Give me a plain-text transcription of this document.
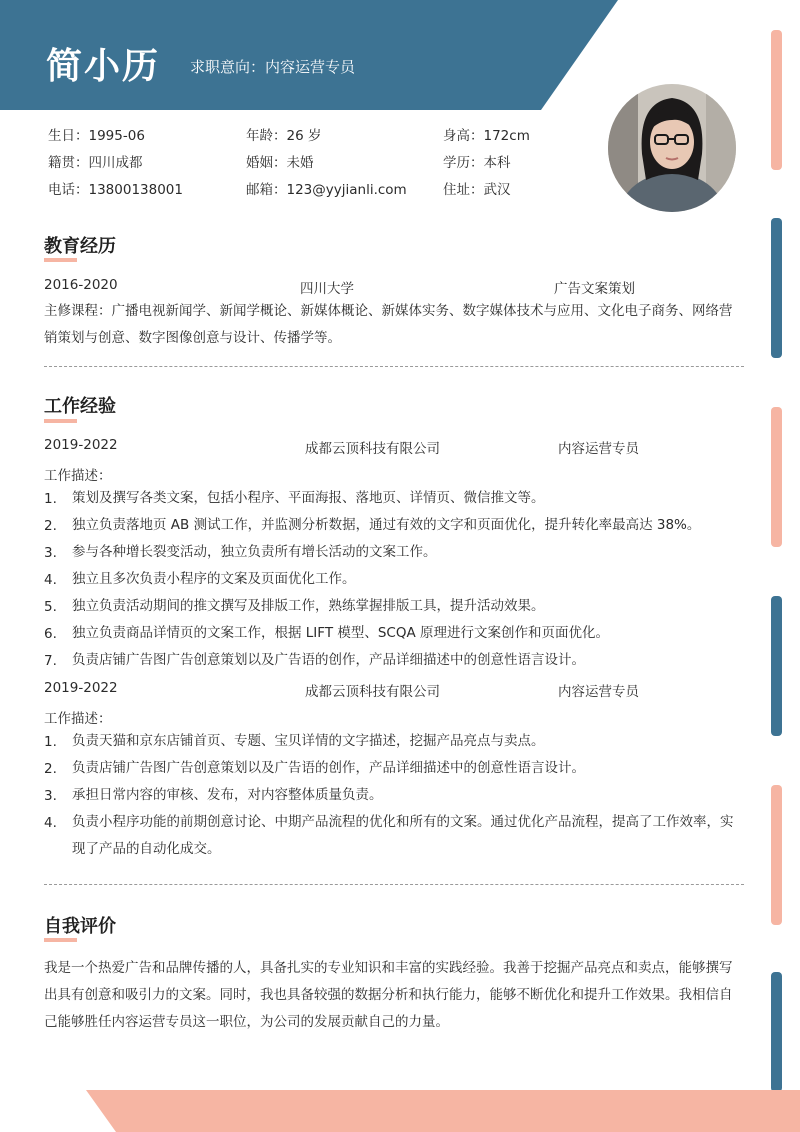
简小历 求职意向：内容运营专员
生日：1995-06	年龄：26 岁	身高：172cm
籍贯：四川成都	婚姻：未婚	学历：本科
电话：13800138001	邮箱：123@yyjianli.com	住址：武汉
教育经历
2016-2020	四川大学	广告文案策划

主修课程：广播电视新闻学、新闻学概论、新媒体概论、新媒体实务、数字媒体技术与应用、文化电子商务、网络营销策划与创意、数字图像创意与设计、传播学等。

工作经验
2019-2022	成都云顶科技有限公司	内容运营专员
工作描述：
1. 策划及撰写各类文案，包括小程序、平面海报、落地页、详情页、微信推文等。
2. 独立负责落地页 AB 测试工作，并监测分析数据，通过有效的文字和页面优化，提升转化率最高达 38%。
3. 参与各种增长裂变活动，独立负责所有增长活动的文案工作。
4. 独立且多次负责小程序的文案及页面优化工作。
5. 独立负责活动期间的推文撰写及排版工作，熟练掌握排版工具，提升活动效果。
6. 独立负责商品详情页的文案工作，根据 LIFT 模型、SCQA 原理进行文案创作和页面优化。
7. 负责店铺广告图广告创意策划以及广告语的创作，产品详细描述中的创意性语言设计。
2019-2022	成都云顶科技有限公司	内容运营专员
工作描述：
1. 负责天猫和京东店铺首页、专题、宝贝详情的文字描述，挖掘产品亮点与卖点。
2. 负责店铺广告图广告创意策划以及广告语的创作，产品详细描述中的创意性语言设计。
3. 承担日常内容的审核、发布，对内容整体质量负责。
4. 负责小程序功能的前期创意讨论、中期产品流程的优化和所有的文案。通过优化产品流程，提高了工作效率，实现了产品的自动化成交。
自我评价

我是一个热爱广告和品牌传播的人，具备扎实的专业知识和丰富的实践经验。我善于挖掘产品亮点和卖点，能够撰写出具有创意和吸引力的文案。同时，我也具备较强的数据分析和执行能力，能够不断优化和提升工作效果。我相信自己能够胜任内容运营专员这一职位，为公司的发展贡献自己的力量。
